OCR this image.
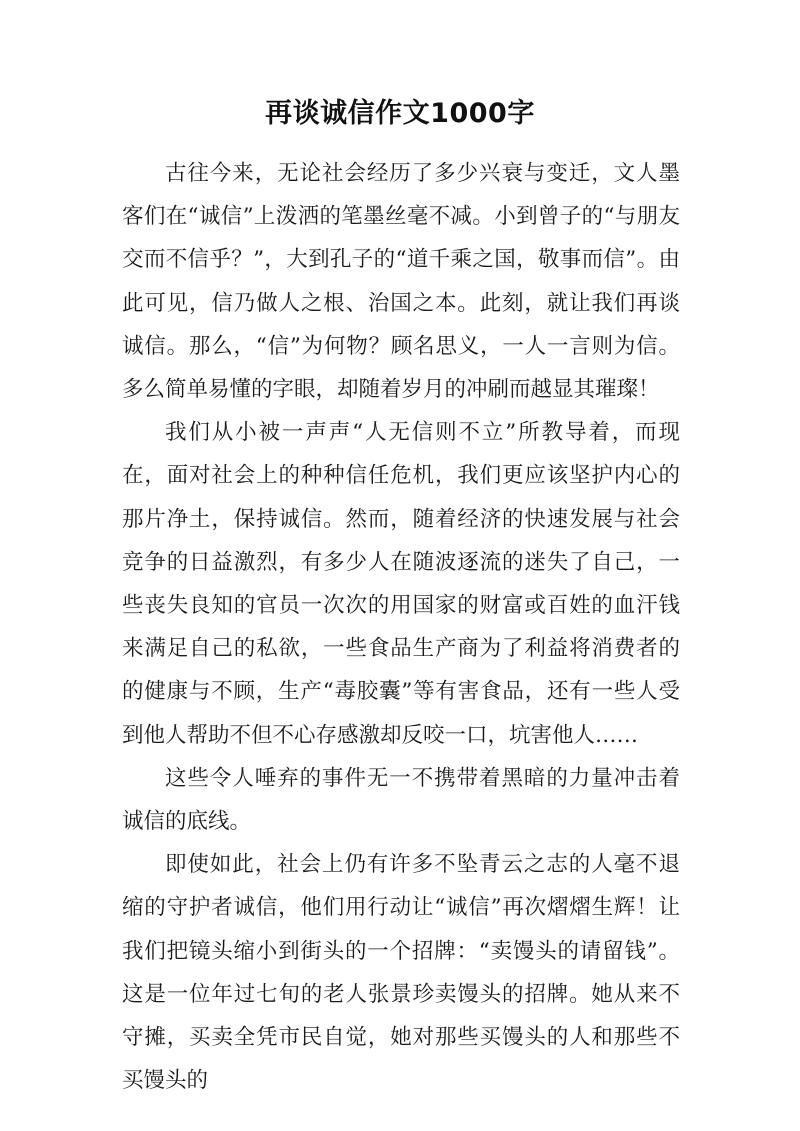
再谈诚信作文1000字

古往今来，无论社会经历了多少兴衰与变迁，文人墨客们在“诚信”上泼洒的笔墨丝毫不减。小到曾子的“与朋友交而不信乎？”，大到孔子的“道千乘之国，敬事而信”。由此可见，信乃做人之根、治国之本。此刻，就让我们再谈诚信。那么，“信”为何物？顾名思义，一人一言则为信。多么简单易懂的字眼，却随着岁月的冲刷而越显其璀璨！

我们从小被一声声“人无信则不立”所教导着，而现在，面对社会上的种种信任危机，我们更应该坚护内心的那片净土，保持诚信。然而，随着经济的快速发展与社会竞争的日益激烈，有多少人在随波逐流的迷失了自己，一些丧失良知的官员一次次的用国家的财富或百姓的血汗钱来满足自己的私欲，一些食品生产商为了利益将消费者的的健康与不顾，生产“毒胶囊”等有害食品，还有一些人受到他人帮助不但不心存感激却反咬一口，坑害他人……

这些令人唾弃的事件无一不携带着黑暗的力量冲击着诚信的底线。

即使如此，社会上仍有许多不坠青云之志的人毫不退缩的守护者诚信，他们用行动让“诚信”再次熠熠生辉！让我们把镜头缩小到街头的一个招牌：“卖馒头的请留钱”。这是一位年过七旬的老人张景珍卖馒头的招牌。她从来不守摊，买卖全凭市民自觉，她对那些买馒头的人和那些不买馒头的
